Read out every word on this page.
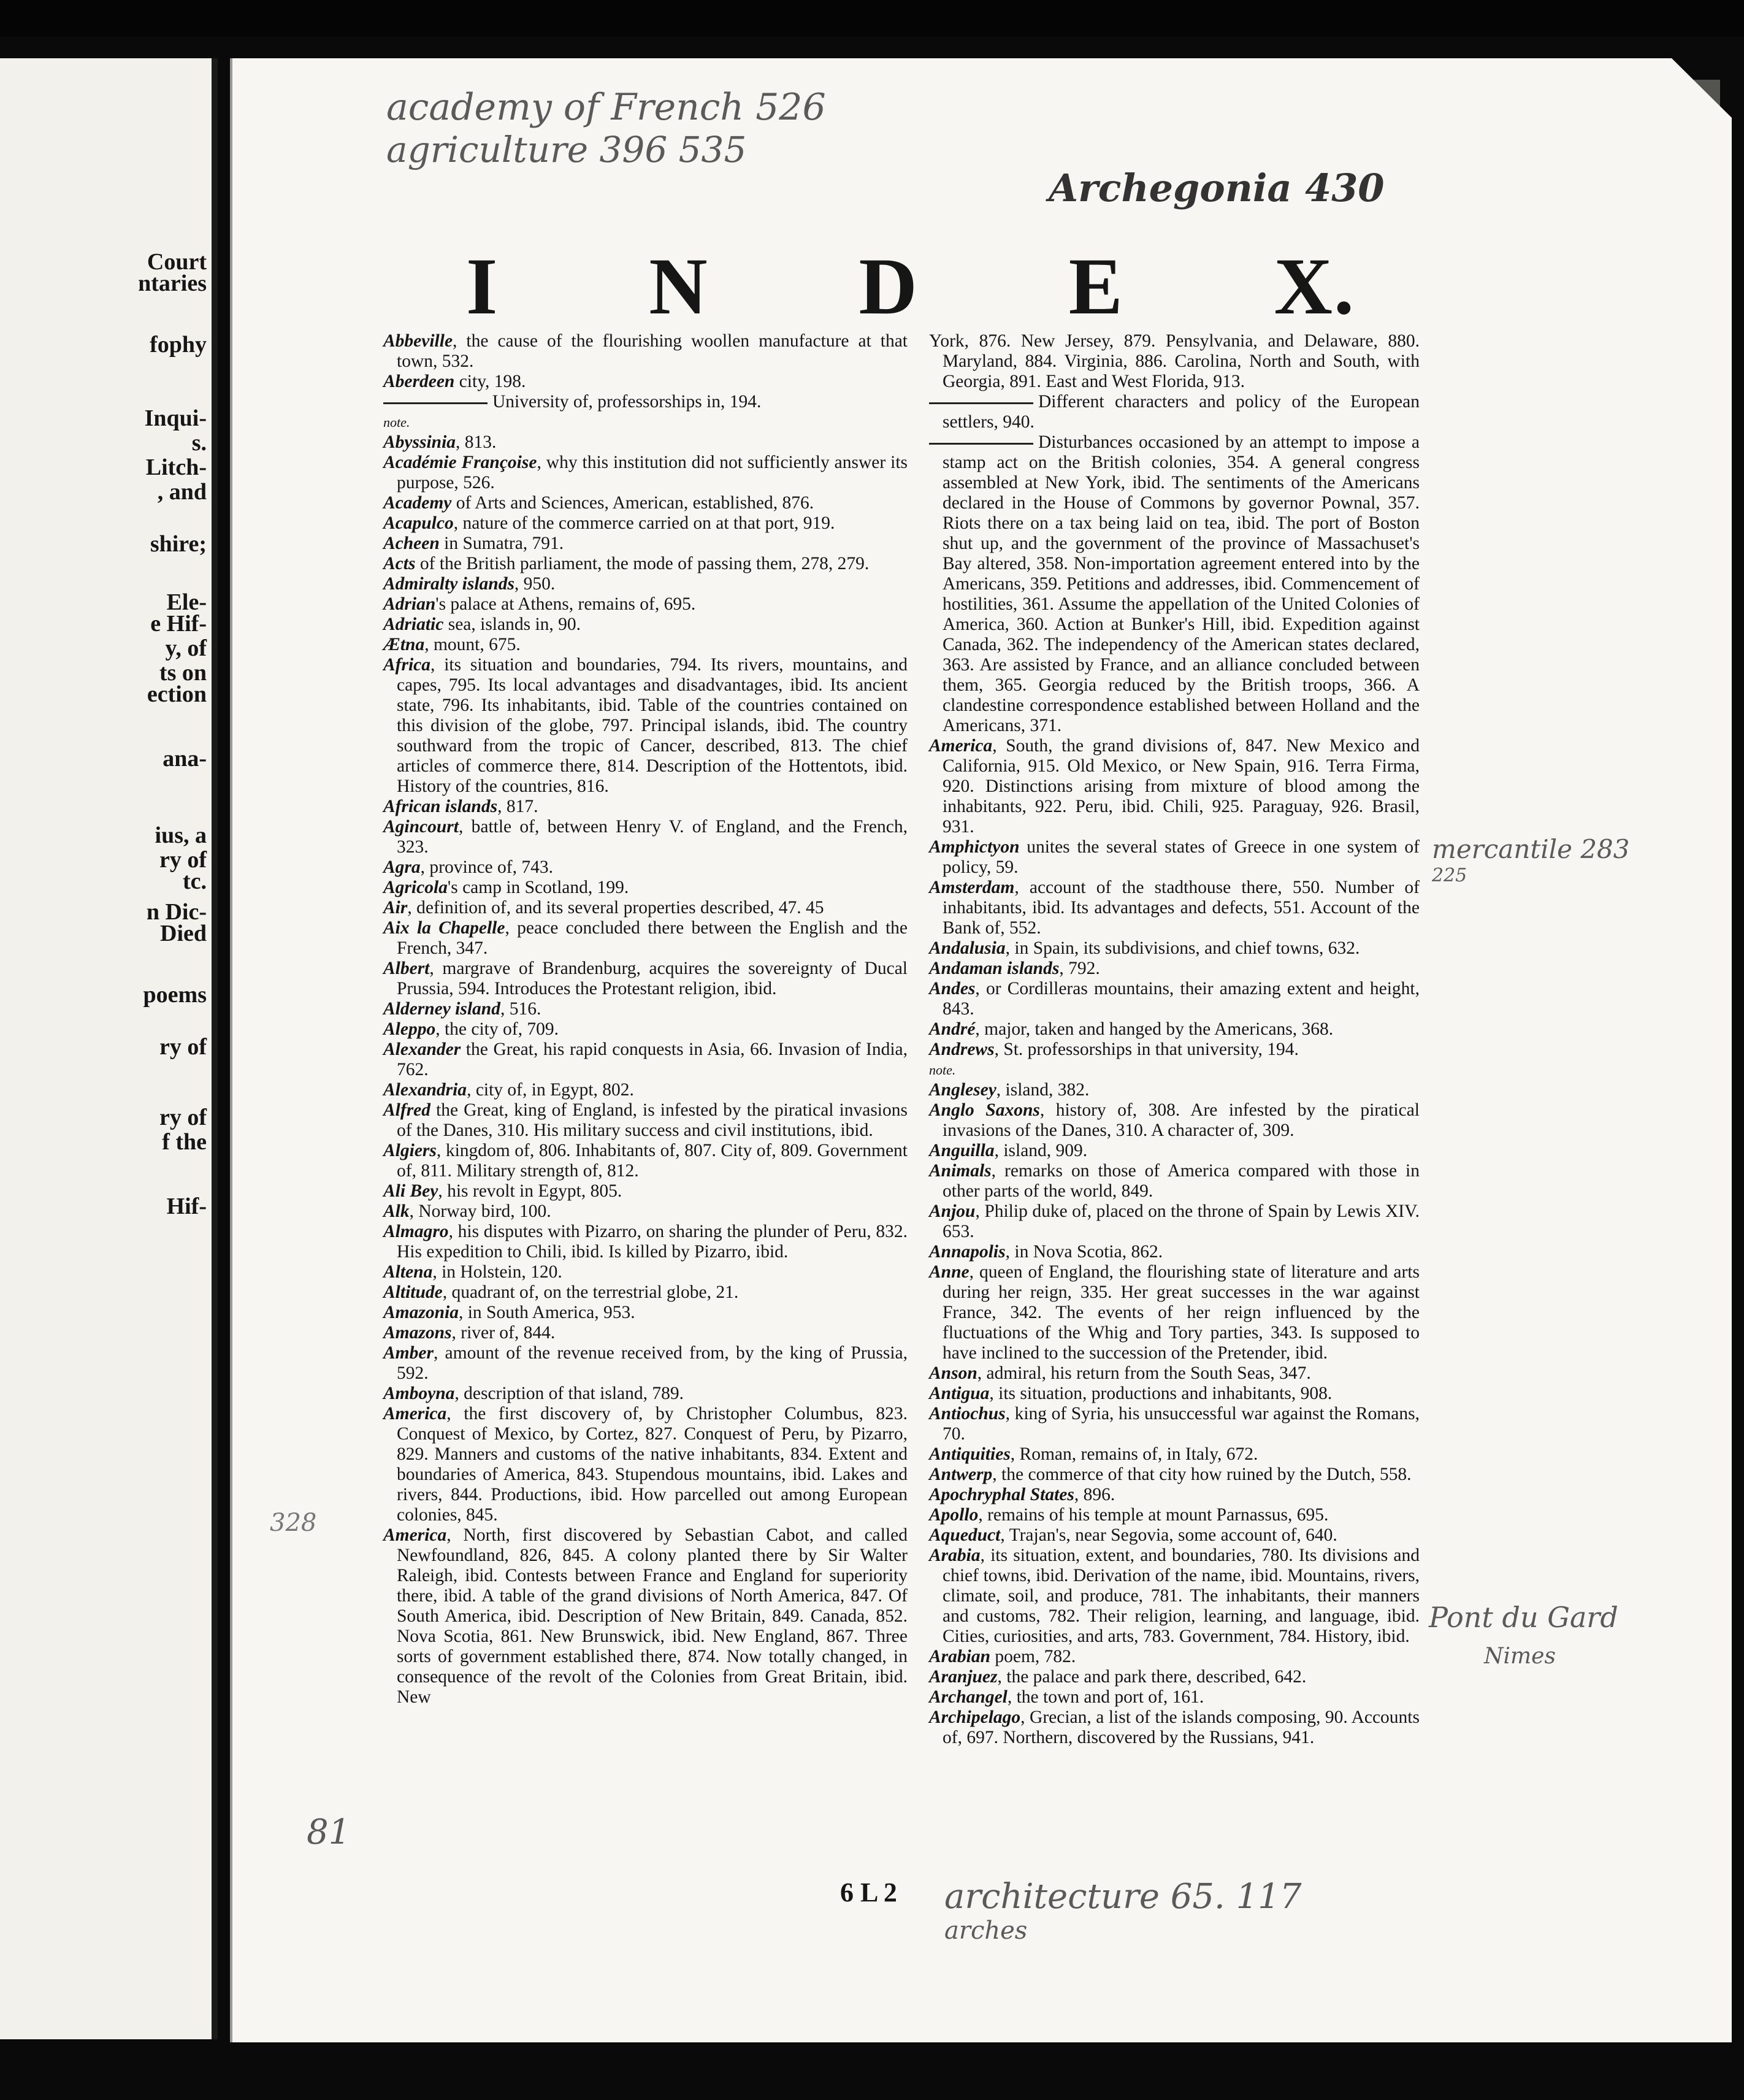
Court
ntaries
fophy
Inqui-
s.
Litch-
, and
shire;
Ele-
e Hif-
y, of
ts on
ection
ana-
ius, a
ry of
tc.
n Dic-
Died
poems
ry of
ry of
f the
Hif-
academy of French 526
agriculture 396 535
Archegonia 430
mercantile 283
225
Pont du Gard
Nimes
328
81
architecture 65. 117
arches
I N D E X.

Abbeville, the cause of the flourishing woollen manufacture at that town, 532.

Aberdeen city, 198.

University of, professorships in, 194.

note.

Abyssinia, 813.

Académie Françoise, why this institution did not sufficiently answer its purpose, 526.

Academy of Arts and Sciences, American, established, 876.

Acapulco, nature of the commerce carried on at that port, 919.

Acheen in Sumatra, 791.

Acts of the British parliament, the mode of passing them, 278, 279.

Admiralty islands, 950.

Adrian's palace at Athens, remains of, 695.

Adriatic sea, islands in, 90.

Ætna, mount, 675.

Africa, its situation and boundaries, 794. Its rivers, mountains, and capes, 795. Its local advantages and disadvantages, ibid. Its ancient state, 796. Its inhabitants, ibid. Table of the countries contained on this division of the globe, 797. Principal islands, ibid. The country southward from the tropic of Cancer, described, 813. The chief articles of commerce there, 814. Description of the Hottentots, ibid. History of the countries, 816.

African islands, 817.

Agincourt, battle of, between Henry V. of England, and the French, 323.

Agra, province of, 743.

Agricola's camp in Scotland, 199.

Air, definition of, and its several properties described, 47. 45

Aix la Chapelle, peace concluded there between the English and the French, 347.

Albert, margrave of Brandenburg, acquires the sovereignty of Ducal Prussia, 594. Introduces the Protestant religion, ibid.

Alderney island, 516.

Aleppo, the city of, 709.

Alexander the Great, his rapid conquests in Asia, 66. Invasion of India, 762.

Alexandria, city of, in Egypt, 802.

Alfred the Great, king of England, is infested by the piratical invasions of the Danes, 310. His military success and civil institutions, ibid.

Algiers, kingdom of, 806. Inhabitants of, 807. City of, 809. Government of, 811. Military strength of, 812.

Ali Bey, his revolt in Egypt, 805.

Alk, Norway bird, 100.

Almagro, his disputes with Pizarro, on sharing the plunder of Peru, 832. His expedition to Chili, ibid. Is killed by Pizarro, ibid.

Altena, in Holstein, 120.

Altitude, quadrant of, on the terrestrial globe, 21.

Amazonia, in South America, 953.

Amazons, river of, 844.

Amber, amount of the revenue received from, by the king of Prussia, 592.

Amboyna, description of that island, 789.

America, the first discovery of, by Christopher Columbus, 823. Conquest of Mexico, by Cortez, 827. Conquest of Peru, by Pizarro, 829. Manners and customs of the native inhabitants, 834. Extent and boundaries of America, 843. Stupendous mountains, ibid. Lakes and rivers, 844. Productions, ibid. How parcelled out among European colonies, 845.

America, North, first discovered by Sebastian Cabot, and called Newfoundland, 826, 845. A colony planted there by Sir Walter Raleigh, ibid. Contests between France and England for superiority there, ibid. A table of the grand divisions of North America, 847. Of South America, ibid. Description of New Britain, 849. Canada, 852. Nova Scotia, 861. New Brunswick, ibid. New England, 867. Three sorts of government established there, 874. Now totally changed, in consequence of the revolt of the Colonies from Great Britain, ibid. New

York, 876. New Jersey, 879. Pensylvania, and Delaware, 880. Maryland, 884. Virginia, 886. Carolina, North and South, with Georgia, 891. East and West Florida, 913.

Different characters and policy of the European settlers, 940.

Disturbances occasioned by an attempt to impose a stamp act on the British colonies, 354. A general congress assembled at New York, ibid. The sentiments of the Americans declared in the House of Commons by governor Pownal, 357. Riots there on a tax being laid on tea, ibid. The port of Boston shut up, and the government of the province of Massachuset's Bay altered, 358. Non-importation agreement entered into by the Americans, 359. Petitions and addresses, ibid. Commencement of hostilities, 361. Assume the appellation of the United Colonies of America, 360. Action at Bunker's Hill, ibid. Expedition against Canada, 362. The independency of the American states declared, 363. Are assisted by France, and an alliance concluded between them, 365. Georgia reduced by the British troops, 366. A clandestine correspondence established between Holland and the Americans, 371.

America, South, the grand divisions of, 847. New Mexico and California, 915. Old Mexico, or New Spain, 916. Terra Firma, 920. Distinctions arising from mixture of blood among the inhabitants, 922. Peru, ibid. Chili, 925. Paraguay, 926. Brasil, 931.

Amphictyon unites the several states of Greece in one system of policy, 59.

Amsterdam, account of the stadthouse there, 550. Number of inhabitants, ibid. Its advantages and defects, 551. Account of the Bank of, 552.

Andalusia, in Spain, its subdivisions, and chief towns, 632.

Andaman islands, 792.

Andes, or Cordilleras mountains, their amazing extent and height, 843.

André, major, taken and hanged by the Americans, 368.

Andrews, St. professorships in that university, 194.

note.

Anglesey, island, 382.

Anglo Saxons, history of, 308. Are infested by the piratical invasions of the Danes, 310. A character of, 309.

Anguilla, island, 909.

Animals, remarks on those of America compared with those in other parts of the world, 849.

Anjou, Philip duke of, placed on the throne of Spain by Lewis XIV. 653.

Annapolis, in Nova Scotia, 862.

Anne, queen of England, the flourishing state of literature and arts during her reign, 335. Her great successes in the war against France, 342. The events of her reign influenced by the fluctuations of the Whig and Tory parties, 343. Is supposed to have inclined to the succession of the Pretender, ibid.

Anson, admiral, his return from the South Seas, 347.

Antigua, its situation, productions and inhabitants, 908.

Antiochus, king of Syria, his unsuccessful war against the Romans, 70.

Antiquities, Roman, remains of, in Italy, 672.

Antwerp, the commerce of that city how ruined by the Dutch, 558.

Apochryphal States, 896.

Apollo, remains of his temple at mount Parnassus, 695.

Aqueduct, Trajan's, near Segovia, some account of, 640.

Arabia, its situation, extent, and boundaries, 780. Its divisions and chief towns, ibid. Derivation of the name, ibid. Mountains, rivers, climate, soil, and produce, 781. The inhabitants, their manners and customs, 782. Their religion, learning, and language, ibid. Cities, curiosities, and arts, 783. Government, 784. History, ibid.

Arabian poem, 782.

Aranjuez, the palace and park there, described, 642.

Archangel, the town and port of, 161.

Archipelago, Grecian, a list of the islands composing, 90. Accounts of, 697. Northern, discovered by the Russians, 941.

6 L 2
